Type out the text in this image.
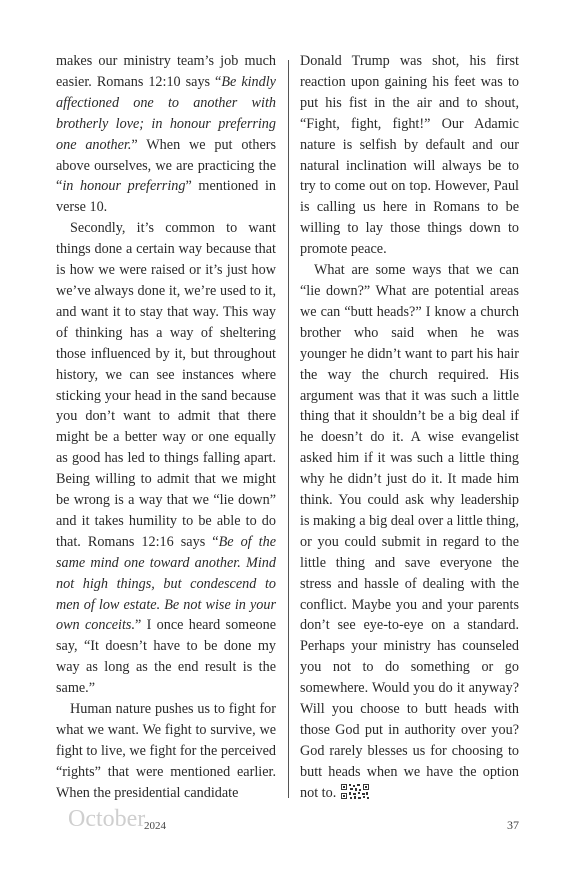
makes our ministry team’s job much easier. Romans 12:10 says “Be kindly affectioned one to another with brotherly love; in honour preferring one another.” When we put others above ourselves, we are practicing the “in honour preferring” mentioned in verse 10.

Secondly, it’s common to want things done a certain way because that is how we were raised or it’s just how we’ve always done it, we’re used to it, and want it to stay that way. This way of thinking has a way of sheltering those influenced by it, but throughout history, we can see instances where sticking your head in the sand because you don’t want to admit that there might be a better way or one equally as good has led to things falling apart. Being willing to admit that we might be wrong is a way that we “lie down” and it takes humility to be able to do that. Romans 12:16 says “Be of the same mind one toward another. Mind not high things, but condescend to men of low estate. Be not wise in your own conceits.” I once heard someone say, “It doesn’t have to be done my way as long as the end result is the same.”

Human nature pushes us to fight for what we want. We fight to survive, we fight to live, we fight for the perceived “rights” that were mentioned earlier. When the presidential candidate

Donald Trump was shot, his first reaction upon gaining his feet was to put his fist in the air and to shout, “Fight, fight, fight!” Our Adamic nature is selfish by default and our natural inclination will always be to try to come out on top. However, Paul is calling us here in Romans to be willing to lay those things down to promote peace.

What are some ways that we can “lie down?” What are potential areas we can “butt heads?” I know a church brother who said when he was younger he didn’t want to part his hair the way the church required. His argument was that it was such a little thing that it shouldn’t be a big deal if he doesn’t do it. A wise evangelist asked him if it was such a little thing why he didn’t just do it. It made him think. You could ask why leadership is making a big deal over a little thing, or you could submit in regard to the little thing and save everyone the stress and hassle of dealing with the conflict. Maybe you and your parents don’t see eye-to-eye on a standard. Perhaps your ministry has counseled you not to do something or go somewhere. Would you do it anyway? Will you choose to butt heads with those God put in authority over you? God rarely blesses us for choosing to butt heads when we have the option not to.

October
2024	37
